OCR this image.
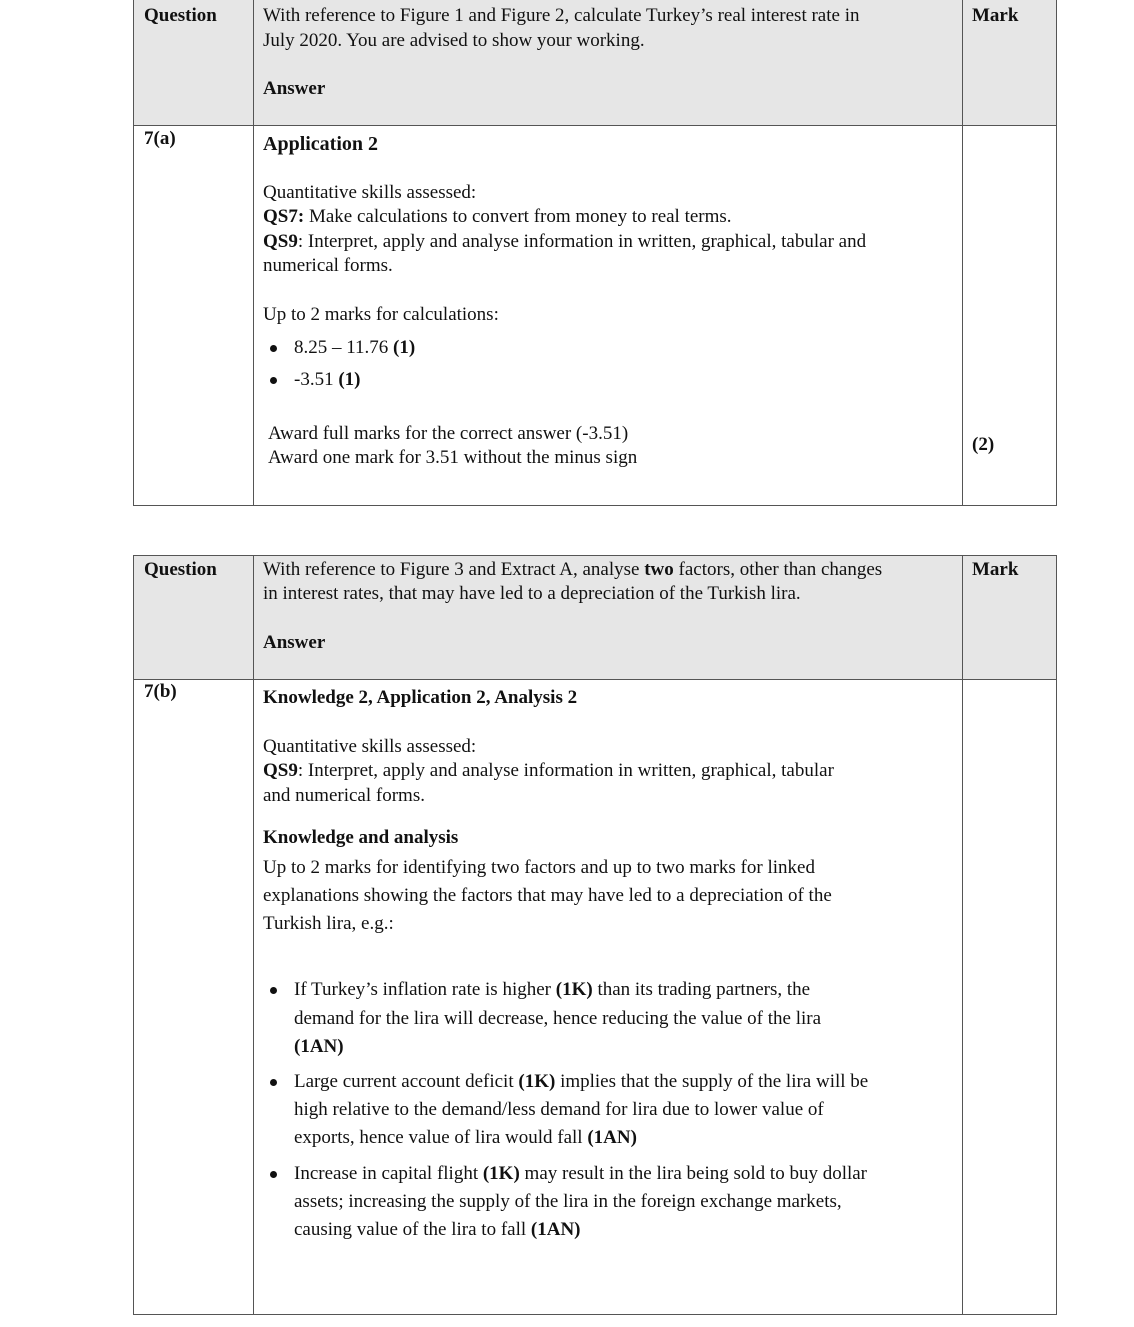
Question With reference to Figure 1 and Figure 2, calculate Turkey’s real interest rate in
July 2020. You are advised to show your working.
Answer
Mark
7(a)	Application 2
Quantitative skills assessed:
QS7: Make calculations to convert from money to real terms.
QS9: Interpret, apply and analyse information in written, graphical, tabular and
numerical forms.
Up to 2 marks for calculations:
8.25 – 11.76 (1)
-3.51 (1)
Award full marks for the correct answer (-3.51)
Award one mark for 3.51 without the minus sign
(2)
Question With reference to Figure 3 and Extract A, analyse two factors, other than changes
in interest rates, that may have led to a depreciation of the Turkish lira.
Answer
Mark
7(b)	Knowledge 2, Application 2, Analysis 2
Quantitative skills assessed:
QS9: Interpret, apply and analyse information in written, graphical, tabular
and numerical forms.
Knowledge and analysis
Up to 2 marks for identifying two factors and up to two marks for linked
explanations showing the factors that may have led to a depreciation of the
Turkish lira, e.g.:
If Turkey’s inflation rate is higher (1K) than its trading partners, the
demand for the lira will decrease, hence reducing the value of the lira
(1AN)
Large current account deficit (1K) implies that the supply of the lira will be
high relative to the demand/less demand for lira due to lower value of
exports, hence value of lira would fall (1AN)
Increase in capital flight (1K) may result in the lira being sold to buy dollar
assets; increasing the supply of the lira in the foreign exchange markets,
causing value of the lira to fall (1AN)
